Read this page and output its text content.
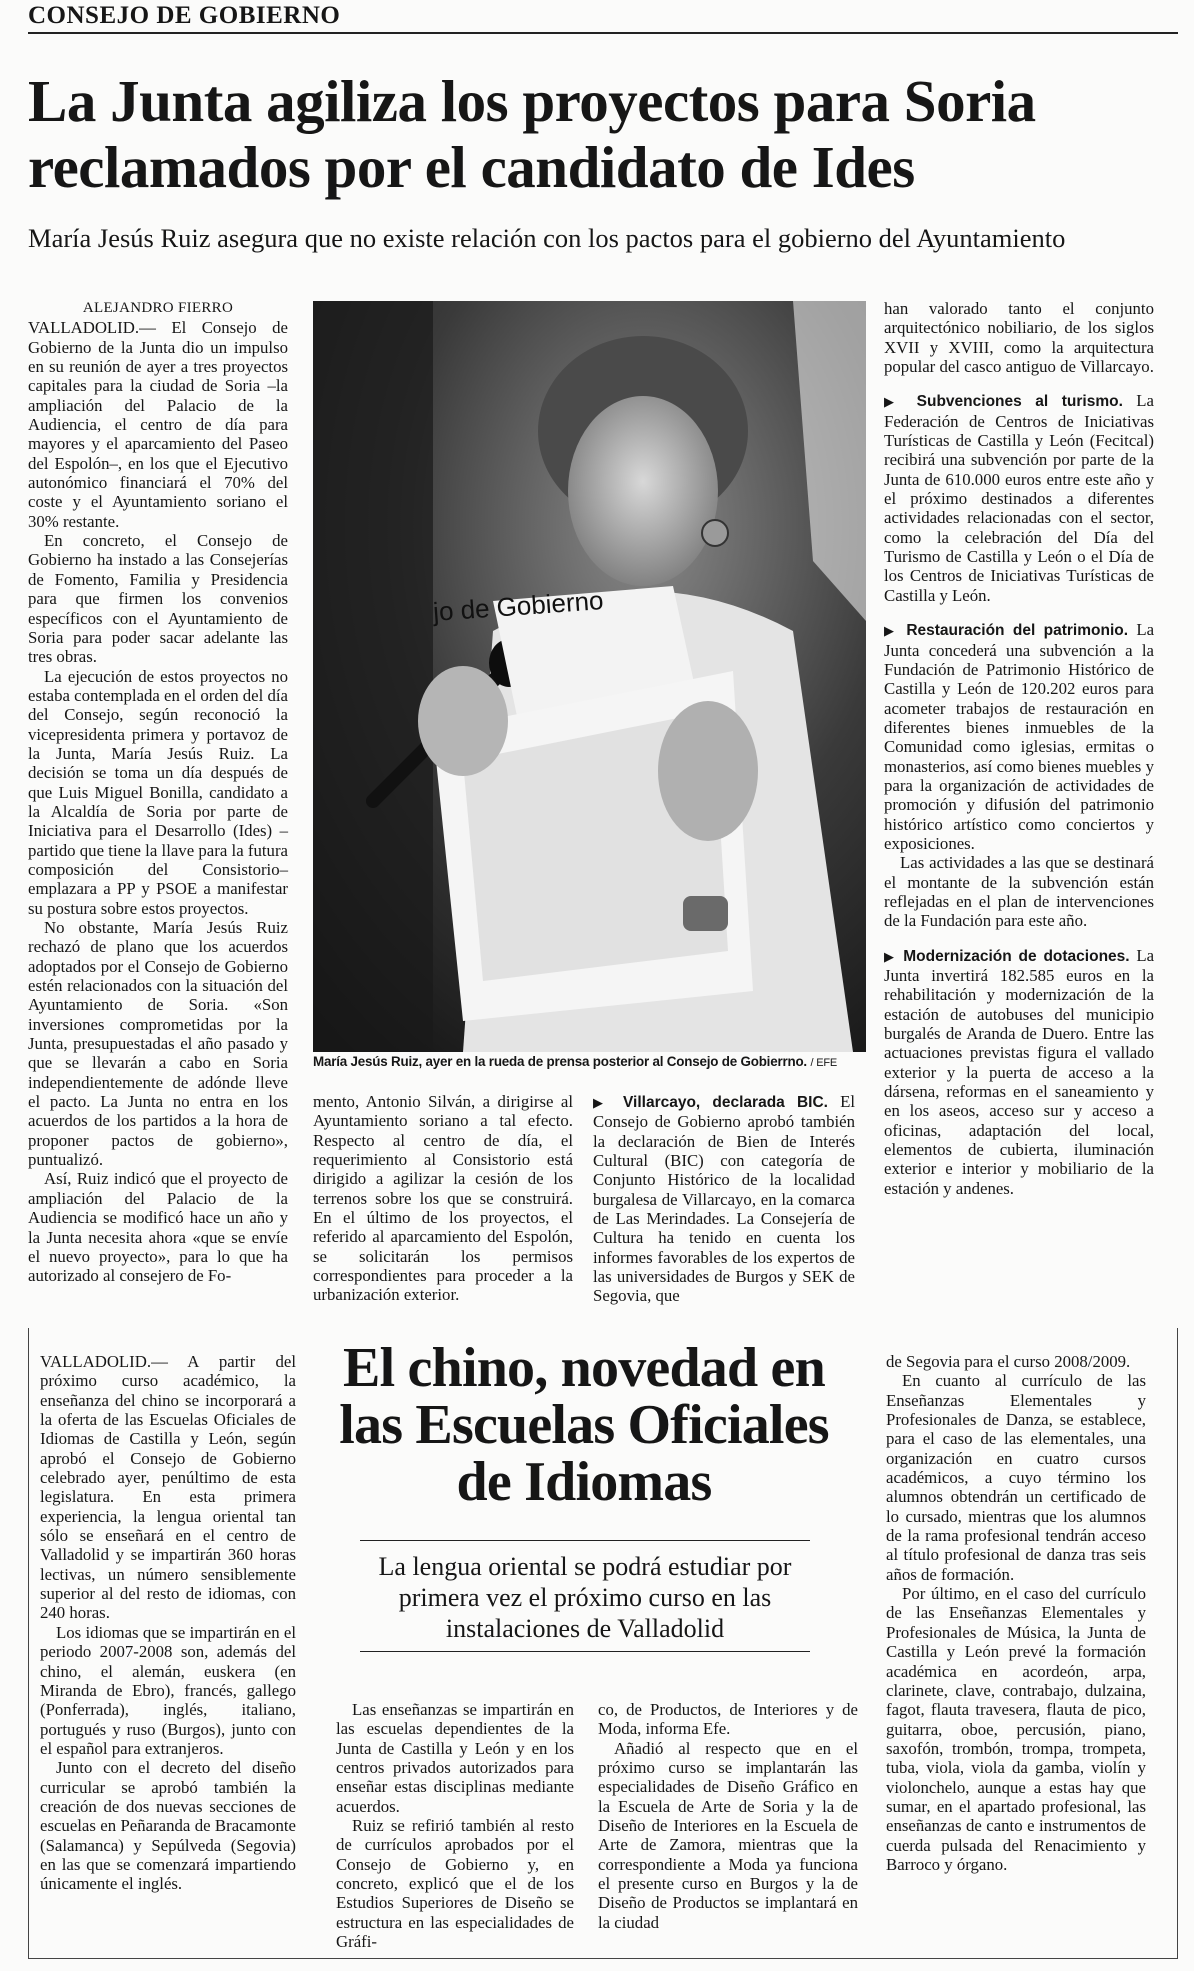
CONSEJO DE GOBIERNO
La Junta agiliza los proyectos para Soria reclamados por el candidato de Ides
María Jesús Ruiz asegura que no existe relación con los pactos para el gobierno del Ayuntamiento

ALEJANDRO FIERRO

VALLADOLID.— El Consejo de Gobierno de la Junta dio un impulso en su reunión de ayer a tres proyectos capitales para la ciudad de Soria –la ampliación del Palacio de la Audiencia, el centro de día para mayores y el aparcamiento del Paseo del Espolón–, en los que el Ejecutivo autonómico financiará el 70% del coste y el Ayuntamiento soriano el 30% restante.

En concreto, el Consejo de Gobierno ha instado a las Consejerías de Fomento, Familia y Presidencia para que firmen los convenios específicos con el Ayuntamiento de Soria para poder sacar adelante las tres obras.

La ejecución de estos proyectos no estaba contemplada en el orden del día del Consejo, según reconoció la vicepresidenta primera y portavoz de la Junta, María Jesús Ruiz. La decisión se toma un día después de que Luis Miguel Bonilla, candidato a la Alcaldía de Soria por parte de Iniciativa para el Desarrollo (Ides) –partido que tiene la llave para la futura composición del Consistorio– emplazara a PP y PSOE a manifestar su postura sobre estos proyectos.

No obstante, María Jesús Ruiz rechazó de plano que los acuerdos adoptados por el Consejo de Gobierno estén relacionados con la situación del Ayuntamiento de Soria. «Son inversiones comprometidas por la Junta, presupuestadas el año pasado y que se llevarán a cabo en Soria independientemente de adónde lleve el pacto. La Junta no entra en los acuerdos de los partidos a la hora de proponer pactos de gobierno», puntualizó.

Así, Ruiz indicó que el proyecto de ampliación del Palacio de la Audiencia se modificó hace un año y la Junta necesita ahora «que se envíe el nuevo proyecto», para lo que ha autorizado al consejero de Fo-

jo de Gobierno
María Jesús Ruiz, ayer en la rueda de prensa posterior al Consejo de Gobierrno. / EFE

mento, Antonio Silván, a dirigirse al Ayuntamiento soriano a tal efecto. Respecto al centro de día, el requerimiento al Consistorio está dirigido a agilizar la cesión de los terrenos sobre los que se construirá. En el último de los proyectos, el referido al aparcamiento del Espolón, se solicitarán los permisos correspondientes para proceder a la urbanización exterior.

▶ Villarcayo, declarada BIC. El Consejo de Gobierno aprobó también la declaración de Bien de Interés Cultural (BIC) con categoría de Conjunto Histórico de la localidad burgalesa de Villarcayo, en la comarca de Las Merindades. La Consejería de Cultura ha tenido en cuenta los informes favorables de los expertos de las universidades de Burgos y SEK de Segovia, que

han valorado tanto el conjunto arquitectónico nobiliario, de los siglos XVII y XVIII, como la arquitectura popular del casco antiguo de Villarcayo.

▶ Subvenciones al turismo. La Federación de Centros de Iniciativas Turísticas de Castilla y León (Fecitcal) recibirá una subvención por parte de la Junta de 610.000 euros entre este año y el próximo destinados a diferentes actividades relacionadas con el sector, como la celebración del Día del Turismo de Castilla y León o el Día de los Centros de Iniciativas Turísticas de Castilla y León.

▶ Restauración del patrimonio. La Junta concederá una subvención a la Fundación de Patrimonio Histórico de Castilla y León de 120.202 euros para acometer trabajos de restauración en diferentes bienes inmuebles de la Comunidad como iglesias, ermitas o monasterios, así como bienes muebles y para la organización de actividades de promoción y difusión del patrimonio histórico artístico como conciertos y exposiciones.

Las actividades a las que se destinará el montante de la subvención están reflejadas en el plan de intervenciones de la Fundación para este año.

▶ Modernización de dotaciones. La Junta invertirá 182.585 euros en la rehabilitación y modernización de la estación de autobuses del municipio burgalés de Aranda de Duero. Entre las actuaciones previstas figura el vallado exterior y la puerta de acceso a la dársena, reformas en el saneamiento y en los aseos, acceso sur y acceso a oficinas, adaptación del local, elementos de cubierta, iluminación exterior e interior y mobiliario de la estación y andenes.

El chino, novedad en las Escuelas Oficiales de Idiomas
La lengua oriental se podrá estudiar por primera vez el próximo curso en las instalaciones de Valladolid

VALLADOLID.— A partir del próximo curso académico, la enseñanza del chino se incorporará a la oferta de las Escuelas Oficiales de Idiomas de Castilla y León, según aprobó el Consejo de Gobierno celebrado ayer, penúltimo de esta legislatura. En esta primera experiencia, la lengua oriental tan sólo se enseñará en el centro de Valladolid y se impartirán 360 horas lectivas, un número sensiblemente superior al del resto de idiomas, con 240 horas.

Los idiomas que se impartirán en el periodo 2007-2008 son, además del chino, el alemán, euskera (en Miranda de Ebro), francés, gallego (Ponferrada), inglés, italiano, portugués y ruso (Burgos), junto con el español para extranjeros.

Junto con el decreto del diseño curricular se aprobó también la creación de dos nuevas secciones de escuelas en Peñaranda de Bracamonte (Salamanca) y Sepúlveda (Segovia) en las que se comenzará impartiendo únicamente el inglés.

Las enseñanzas se impartirán en las escuelas dependientes de la Junta de Castilla y León y en los centros privados autorizados para enseñar estas disciplinas mediante acuerdos.

Ruiz se refirió también al resto de currículos aprobados por el Consejo de Gobierno y, en concreto, explicó que el de los Estudios Superiores de Diseño se estructura en las especialidades de Gráfi-

co, de Productos, de Interiores y de Moda, informa Efe.

Añadió al respecto que en el próximo curso se implantarán las especialidades de Diseño Gráfico en la Escuela de Arte de Soria y la de Diseño de Interiores en la Escuela de Arte de Zamora, mientras que la correspondiente a Moda ya funciona el presente curso en Burgos y la de Diseño de Productos se implantará en la ciudad

de Segovia para el curso 2008/2009.

En cuanto al currículo de las Enseñanzas Elementales y Profesionales de Danza, se establece, para el caso de las elementales, una organización en cuatro cursos académicos, a cuyo término los alumnos obtendrán un certificado de lo cursado, mientras que los alumnos de la rama profesional tendrán acceso al título profesional de danza tras seis años de formación.

Por último, en el caso del currículo de las Enseñanzas Elementales y Profesionales de Música, la Junta de Castilla y León prevé la formación académica en acordeón, arpa, clarinete, clave, contrabajo, dulzaina, fagot, flauta travesera, flauta de pico, guitarra, oboe, percusión, piano, saxofón, trombón, trompa, trompeta, tuba, viola, viola da gamba, violín y violonchelo, aunque a estas hay que sumar, en el apartado profesional, las enseñanzas de canto e instrumentos de cuerda pulsada del Renacimiento y Barroco y órgano.
